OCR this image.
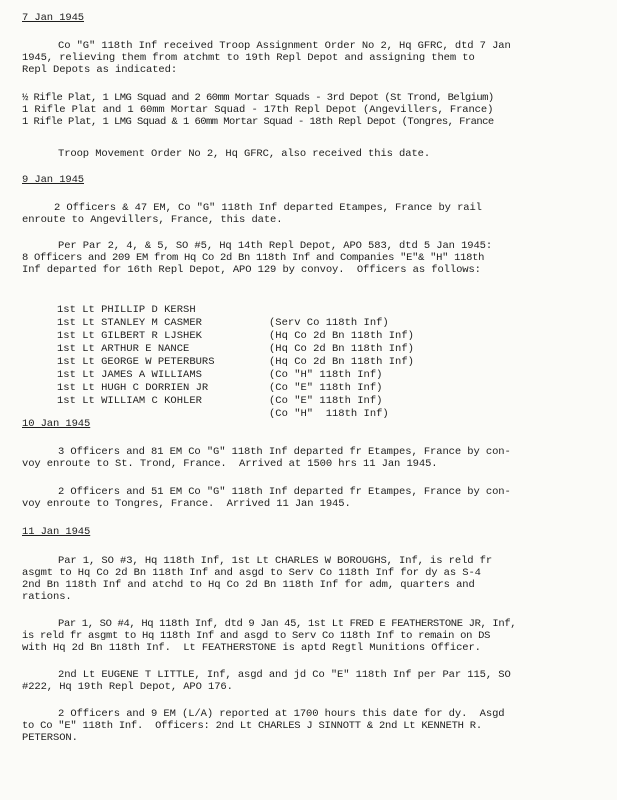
7 Jan 1945
Co "G" 118th Inf received Troop Assignment Order No 2, Hq GFRC, dtd 7 Jan
1945, relieving them from atchmt to 19th Repl Depot and assigning them to
Repl Depots as indicated:
½ Rifle Plat, 1 LMG Squad and 2 60mm Mortar Squads - 3rd Depot (St Trond, Belgium)
1 Rifle Plat and 1 60mm Mortar Squad - 17th Repl Depot (Angevillers, France)
1 Rifle Plat, 1 LMG Squad & 1 60mm Mortar Squad - 18th Repl Depot (Tongres, France
Troop Movement Order No 2, Hq GFRC, also received this date.
9 Jan 1945
2 Officers & 47 EM, Co "G" 118th Inf departed Etampes, France by rail
enroute to Angevillers, France, this date.
Per Par 2, 4, & 5, SO #5, Hq 14th Repl Depot, APO 583, dtd 5 Jan 1945:
8 Officers and 209 EM from Hq Co 2d Bn 118th Inf and Companies "E"& "H" 118th
Inf departed for 16th Repl Depot, APO 129 by convoy.  Officers as follows:

1st Lt PHILLIP D KERSH

(Serv Co 118th Inf)

1st Lt STANLEY M CASMER

(Hq Co 2d Bn 118th Inf)

1st Lt GILBERT R LJSHEK

(Hq Co 2d Bn 118th Inf)

1st Lt ARTHUR E NANCE

(Hq Co 2d Bn 118th Inf)

1st Lt GEORGE W PETERBURS

(Co "H" 118th Inf)

1st Lt JAMES A WILLIAMS

(Co "E" 118th Inf)

1st Lt HUGH C DORRIEN JR

(Co "E" 118th Inf)

1st Lt WILLIAM C KOHLER

(Co "H"  118th Inf)

10 Jan 1945
3 Officers and 81 EM Co "G" 118th Inf departed fr Etampes, France by con-
voy enroute to St. Trond, France.  Arrived at 1500 hrs 11 Jan 1945.
2 Officers and 51 EM Co "G" 118th Inf departed fr Etampes, France by con-
voy enroute to Tongres, France.  Arrived 11 Jan 1945.
11 Jan 1945
Par 1, SO #3, Hq 118th Inf, 1st Lt CHARLES W BOROUGHS, Inf, is reld fr
asgmt to Hq Co 2d Bn 118th Inf and asgd to Serv Co 118th Inf for dy as S-4
2nd Bn 118th Inf and atchd to Hq Co 2d Bn 118th Inf for adm, quarters and
rations.
Par 1, SO #4, Hq 118th Inf, dtd 9 Jan 45, 1st Lt FRED E FEATHERSTONE JR, Inf,
is reld fr asgmt to Hq 118th Inf and asgd to Serv Co 118th Inf to remain on DS
with Hq 2d Bn 118th Inf.  Lt FEATHERSTONE is aptd Regtl Munitions Officer.
2nd Lt EUGENE T LITTLE, Inf, asgd and jd Co "E" 118th Inf per Par 115, SO
#222, Hq 19th Repl Depot, APO 176.
2 Officers and 9 EM (L/A) reported at 1700 hours this date for dy.  Asgd
to Co "E" 118th Inf.  Officers: 2nd Lt CHARLES J SINNOTT & 2nd Lt KENNETH R.
PETERSON.
